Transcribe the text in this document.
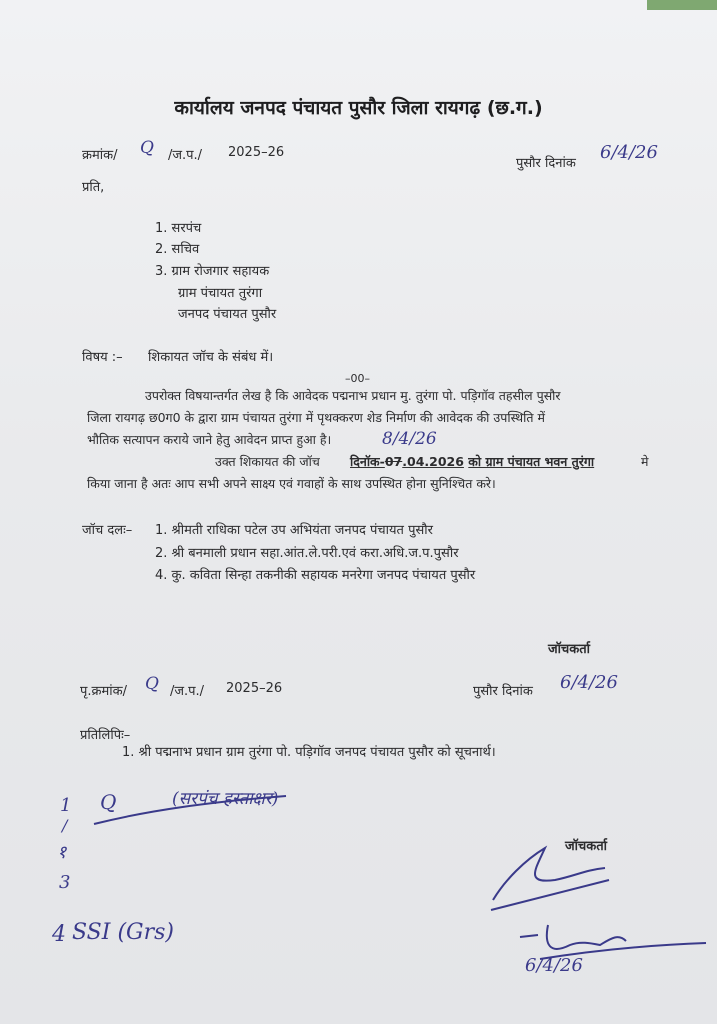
कार्यालय जनपद पंचायत पुसौर जिला रायगढ़ (छ.ग.)
क्रमांक/ Q /ज.प./ 2025–26
पुसौर दिनांक
6/4/26
प्रति,
1. सरपंच
2. सचिव
3. ग्राम रोजगार सहायक
ग्राम पंचायत तुरंगा
जनपद पंचायत पुसौर
विषय :– शिकायत जॉच के संबंध में।
–00–
उपरोक्त विषयान्तर्गत लेख है कि आवेदक पद्मनाभ प्रधान मु. तुरंगा पो. पड़िगॉव तहसील पुसौर
जिला रायगढ़ छ0ग0 के द्वारा ग्राम पंचायत तुरंगा में पृथक्करण शेड निर्माण की आवेदक की उपस्थिति में
भौतिक सत्यापन कराये जाने हेतु आवेदन प्राप्त हुआ है।	8/4/26
उक्त शिकायत की जॉच दिनॉक-07.04.2026 को ग्राम पंचायत भवन तुरंगा	मे
किया जाना है अतः आप सभी अपने साक्ष्य एवं गवाहों के साथ उपस्थित होना सुनिश्चित करे।
जॉच दलः– 1. श्रीमती राधिका पटेल उप अभियंता जनपद पंचायत पुसौर
2. श्री बनमाली प्रधान सहा.आंत.ले.परी.एवं करा.अधि.ज.प.पुसौर
4. कु. कविता सिन्हा तकनीकी सहायक मनरेगा जनपद पंचायत पुसौर
जॉचकर्ता
पृ.क्रमांक/ Q /ज.प./ 2025–26	पुसौर दिनांक 6/4/26
प्रतिलिपिः–
1. श्री पद्मनाभ प्रधान ग्राम तुरंगा पो. पड़िगॉव जनपद पंचायत पुसौर को सूचनार्थ।
1 Q	(सरपंच हस्ताक्षर)
/
१
3
4 SSI (Grs)
जॉचकर्ता
6/4/26
